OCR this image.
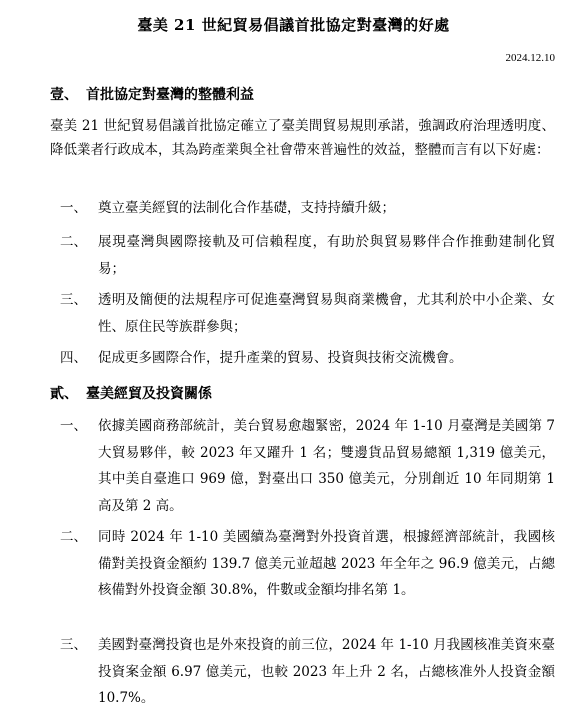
臺美 21 世紀貿易倡議首批協定對臺灣的好處
2024.12.10
壹、 首批協定對臺灣的整體利益
臺美 21 世紀貿易倡議首批協定確立了臺美間貿易規則承諾，強調政府治理透明度、降低業者行政成本，其為跨產業與全社會帶來普遍性的效益，整體而言有以下好處：
一、 奠立臺美經貿的法制化合作基礎，支持持續升級；
二、 展現臺灣與國際接軌及可信賴程度，有助於與貿易夥伴合作推動建制化貿易；
三、 透明及簡便的法規程序可促進臺灣貿易與商業機會，尤其利於中小企業、女性、原住民等族群參與；
四、 促成更多國際合作，提升產業的貿易、投資與技術交流機會。
貳、 臺美經貿及投資關係
一、 依據美國商務部統計，美台貿易愈趨緊密，2024 年 1-10 月臺灣是美國第 7 大貿易夥伴，較 2023 年又躍升 1 名；雙邊貨品貿易總額 1,319 億美元，其中美自臺進口 969 億，對臺出口 350 億美元，分別創近 10 年同期第 1 高及第 2 高。
二、 同時 2024 年 1-10 美國續為臺灣對外投資首選，根據經濟部統計，我國核備對美投資金額約 139.7 億美元並超越 2023 年全年之 96.9 億美元，占總核備對外投資金額 30.8%，件數或金額均排名第 1。
三、 美國對臺灣投資也是外來投資的前三位，2024 年 1-10 月我國核准美資來臺投資案金額 6.97 億美元，也較 2023 年上升 2 名，占總核准外人投資金額 10.7%。
